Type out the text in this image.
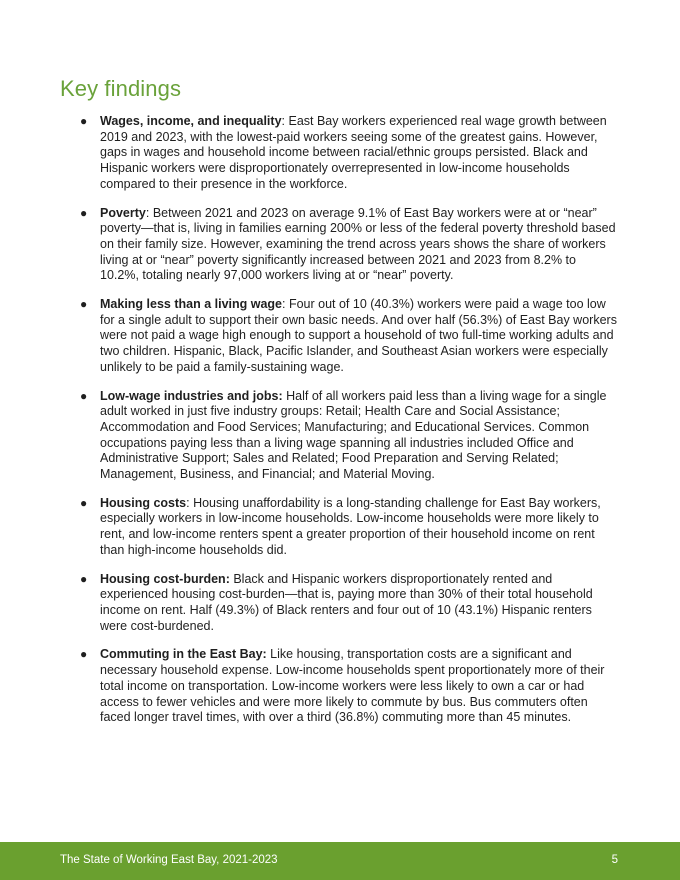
Key findings
● Wages, income, and inequality: East Bay workers experienced real wage growth between 2019 and 2023, with the lowest-paid workers seeing some of the greatest gains. However, gaps in wages and household income between racial/ethnic groups persisted. Black and Hispanic workers were disproportionately overrepresented in low-income households compared to their presence in the workforce.
● Poverty: Between 2021 and 2023 on average 9.1% of East Bay workers were at or “near” poverty—that is, living in families earning 200% or less of the federal poverty threshold based on their family size. However, examining the trend across years shows the share of workers living at or “near” poverty significantly increased between 2021 and 2023 from 8.2% to 10.2%, totaling nearly 97,000 workers living at or “near” poverty.
● Making less than a living wage: Four out of 10 (40.3%) workers were paid a wage too low for a single adult to support their own basic needs. And over half (56.3%) of East Bay workers were not paid a wage high enough to support a household of two full-time working adults and two children. Hispanic, Black, Pacific Islander, and Southeast Asian workers were especially unlikely to be paid a family-sustaining wage.
● Low-wage industries and jobs: Half of all workers paid less than a living wage for a single adult worked in just five industry groups: Retail; Health Care and Social Assistance; Accommodation and Food Services; Manufacturing; and Educational Services. Common occupations paying less than a living wage spanning all industries included Office and Administrative Support; Sales and Related; Food Preparation and Serving Related; Management, Business, and Financial; and Material Moving.
● Housing costs: Housing unaffordability is a long-standing challenge for East Bay workers, especially workers in low-income households. Low-income households were more likely to rent, and low-income renters spent a greater proportion of their household income on rent than high-income households did.
● Housing cost-burden: Black and Hispanic workers disproportionately rented and experienced housing cost-burden—that is, paying more than 30% of their total household income on rent. Half (49.3%) of Black renters and four out of 10 (43.1%) Hispanic renters were cost-burdened.
● Commuting in the East Bay: Like housing, transportation costs are a significant and necessary household expense. Low-income households spent proportionately more of their total income on transportation. Low-income workers were less likely to own a car or had access to fewer vehicles and were more likely to commute by bus. Bus commuters often faced longer travel times, with over a third (36.8%) commuting more than 45 minutes.
The State of Working East Bay, 2021-2023	5
